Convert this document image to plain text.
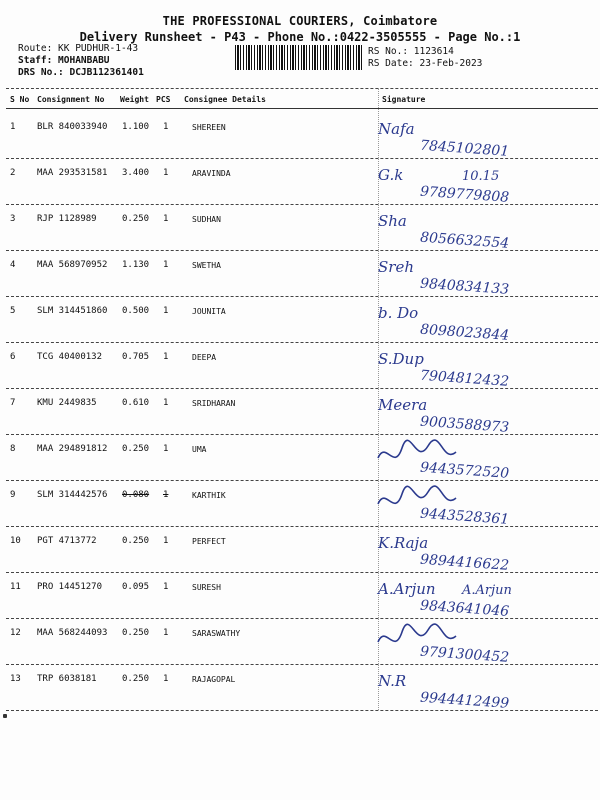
THE PROFESSIONAL COURIERS, Coimbatore
Delivery Runsheet - P43 - Phone No.:0422-3505555 - Page No.:1
Route: KK PUDHUR-1-43
Staff: MOHANBABU
DRS No.: DCJB112361401
RS No.: 1123614
RS Date: 23-Feb-2023
S No Consignment No Weight PCS Consignee Details	Signature
1 BLR 840033940 1.100 1	SHEREEN	Nafa
7845102801
2 MAA 293531581 3.400 1	ARAVINDA	G.k	10.15
9789779808
3 RJP 1128989	0.250 1	SUDHAN	Sha
8056632554
4 MAA 568970952 1.130 1	SWETHA	Sreh
9840834133
5 SLM 314451860 0.500 1	JOUNITA	b. Do
8098023844
6 TCG 40400132 0.705 1	DEEPA	S.Dup
7904812432
7 KMU 2449835	0.610 1	SRIDHARAN	Meera
9003588973
8 MAA 294891812 0.250 1	UMA
9443572520
9 SLM 314442576 0.080 1	KARTHIK
9443528361
10 PGT 4713772	0.250 1	PERFECT	K.Raja
9894416622
11 PRO 14451270 0.095 1	SURESH	A.Arjun A.Arjun
9843641046
12 MAA 568244093 0.250 1	SARASWATHY
9791300452
13 TRP 6038181	0.250 1	RAJAGOPAL	N.R
9944412499
